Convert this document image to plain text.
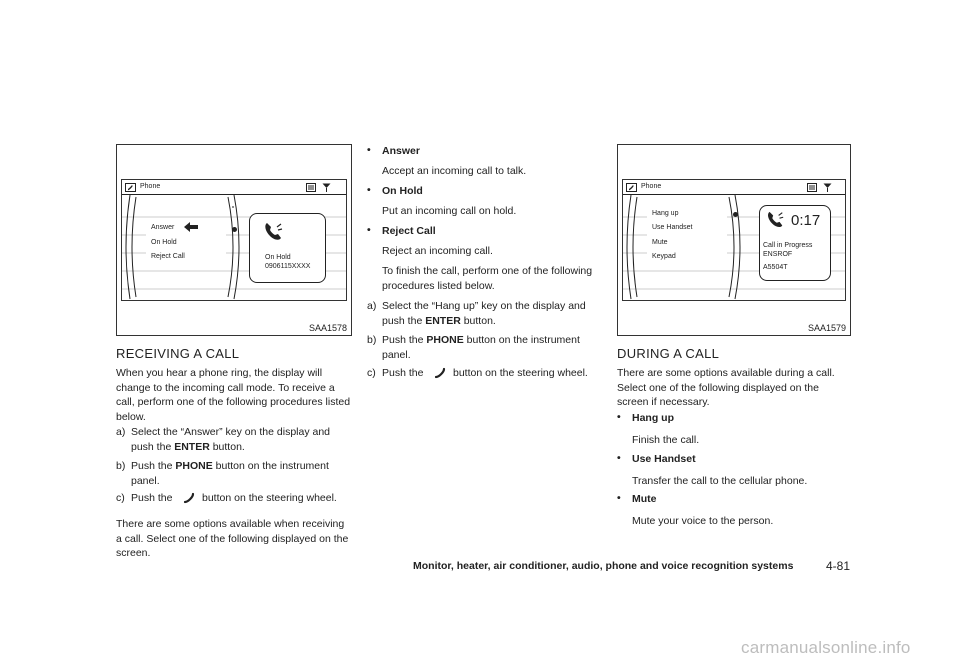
Phone
Answer
On Hold
Reject Call	On Hold
0906115XXXX
SAA1578
RECEIVING A CALL
When you hear a phone ring, the display will change to the incoming call mode. To receive a call, perform one of the following procedures listed below.
a) Select the “Answer” key on the display and push the ENTER button.
b) Push the PHONE button on the instrument panel.
c) Push the	button on the steering wheel.
There are some options available when receiving a call. Select one of the following displayed on the screen.
• Answer
Accept an incoming call to talk.
• On Hold
Put an incoming call on hold.
• Reject Call
Reject an incoming call.
To finish the call, perform one of the following procedures listed below.
a) Select the “Hang up” key on the display and push the ENTER button.
b) Push the PHONE button on the instrument panel.
c) Push the	button on the steering wheel.
Phone
Hang up
Use Handset
Mute
Keypad
0:17
Call in Progress
ENSROF
A5504T
SAA1579
DURING A CALL
There are some options available during a call. Select one of the following displayed on the screen if necessary.
• Hang up
Finish the call.
• Use Handset
Transfer the call to the cellular phone.
• Mute
Mute your voice to the person.
Monitor, heater, air conditioner, audio, phone and voice recognition systems	4-81
carmanualsonline.info
